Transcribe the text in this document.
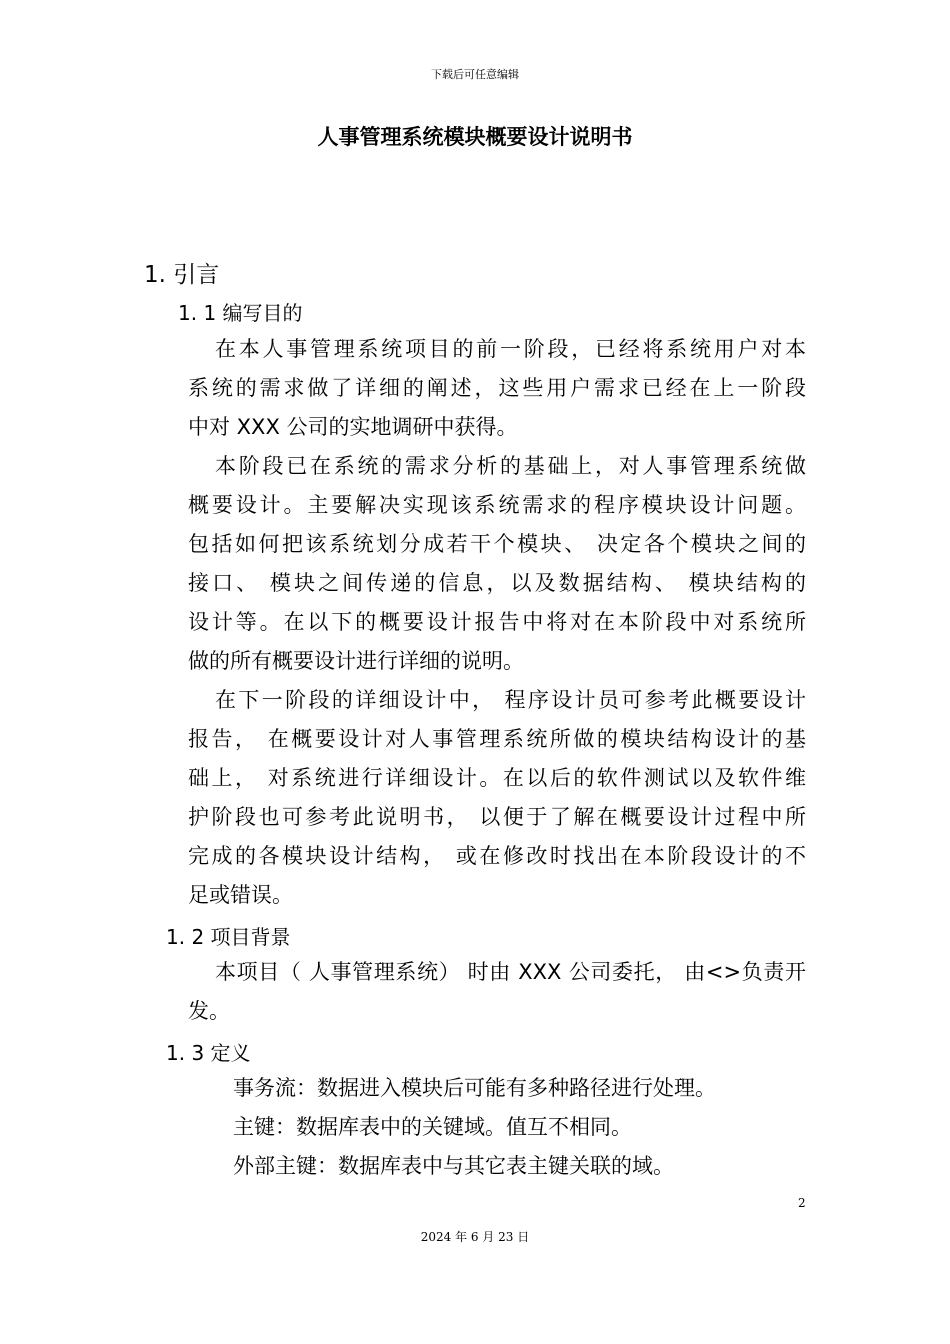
下载后可任意编辑
人事管理系统模块概要设计说明书
1. 引言
1. 1 编写目的
在本人事管理系统项目的前一阶段，已经将系统用户对本
系统的需求做了详细的阐述，这些用户需求已经在上一阶段
中对 XXX 公司的实地调研中获得。
本阶段已在系统的需求分析的基础上，对人事管理系统做
概要设计。主要解决实现该系统需求的程序模块设计问题。
包括如何把该系统划分成若干个模块、 决定各个模块之间的
接口、 模块之间传递的信息，以及数据结构、 模块结构的
设计等。在以下的概要设计报告中将对在本阶段中对系统所
做的所有概要设计进行详细的说明。
在下一阶段的详细设计中， 程序设计员可参考此概要设计
报告， 在概要设计对人事管理系统所做的模块结构设计的基
础上， 对系统进行详细设计。在以后的软件测试以及软件维
护阶段也可参考此说明书， 以便于了解在概要设计过程中所
完成的各模块设计结构， 或在修改时找出在本阶段设计的不
足或错误。
1. 2 项目背景
本项目（ 人事管理系统） 时由 XXX 公司委托， 由<>负责开
发。
1. 3 定义
事务流：数据进入模块后可能有多种路径进行处理。
主键：数据库表中的关键域。值互不相同。
外部主键：数据库表中与其它表主键关联的域。
2
2024 年 6 月 23 日
